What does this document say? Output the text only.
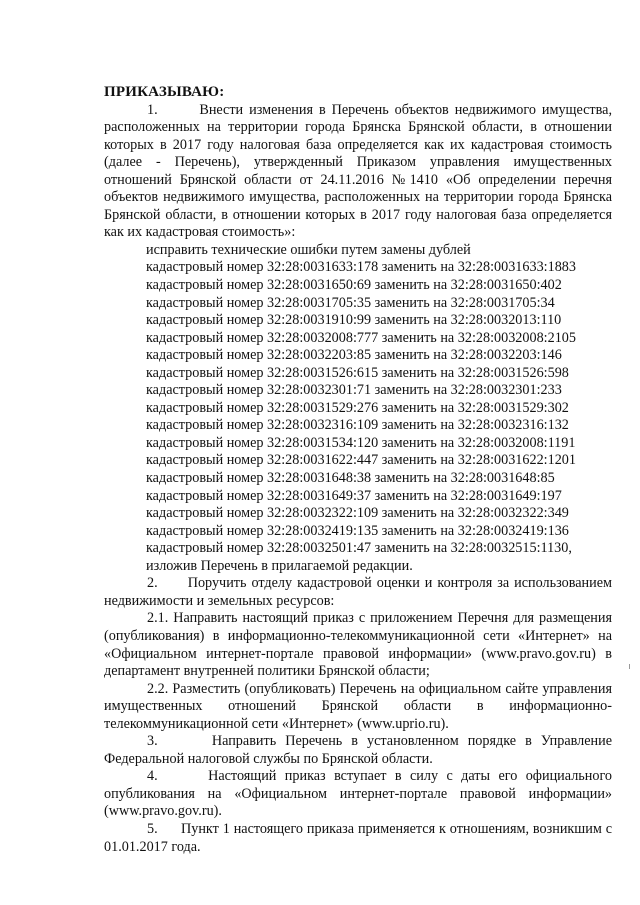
ПРИКАЗЫВАЮ:

1.       Внести изменения в Перечень объектов недвижимого имущества, расположенных на территории города Брянска Брянской области, в отношении которых в 2017 году налоговая база определяется как их кадастровая стоимость (далее - Перечень), утвержденный Приказом управления имущественных отношений Брянской области от 24.11.2016 №1410 «Об определении перечня объектов недвижимого имущества, расположенных на территории города Брянска Брянской области, в отношении которых в 2017 году налоговая база определяется как их кадастровая стоимость»:

исправить технические ошибки путем замены дублей
кадастровый номер 32:28:0031633:178 заменить на 32:28:0031633:1883
кадастровый номер 32:28:0031650:69 заменить на 32:28:0031650:402
кадастровый номер 32:28:0031705:35 заменить на 32:28:0031705:34
кадастровый номер 32:28:0031910:99 заменить на 32:28:0032013:110
кадастровый номер 32:28:0032008:777 заменить на 32:28:0032008:2105
кадастровый номер 32:28:0032203:85 заменить на 32:28:0032203:146
кадастровый номер 32:28:0031526:615 заменить на 32:28:0031526:598
кадастровый номер 32:28:0032301:71 заменить на 32:28:0032301:233
кадастровый номер 32:28:0031529:276 заменить на 32:28:0031529:302
кадастровый номер 32:28:0032316:109 заменить на 32:28:0032316:132
кадастровый номер 32:28:0031534:120 заменить на 32:28:0032008:1191
кадастровый номер 32:28:0031622:447 заменить на 32:28:0031622:1201
кадастровый номер 32:28:0031648:38 заменить на 32:28:0031648:85
кадастровый номер 32:28:0031649:37 заменить на 32:28:0031649:197
кадастровый номер 32:28:0032322:109 заменить на 32:28:0032322:349
кадастровый номер 32:28:0032419:135 заменить на 32:28:0032419:136
кадастровый номер 32:28:0032501:47 заменить на 32:28:0032515:1130,
изложив Перечень в прилагаемой редакции.

2.      Поручить отделу кадастровой оценки и контроля за использованием недвижимости и земельных ресурсов:

2.1. Направить настоящий приказ с приложением Перечня для размещения (опубликования) в информационно-телекоммуникационной сети «Интернет» на «Официальном интернет-портале правовой информации» (www.pravo.gov.ru) в департамент внутренней политики Брянской области;

2.2. Разместить (опубликовать) Перечень на официальном сайте управления имущественных отношений Брянской области в информационно-телекоммуникационной сети «Интернет» (www.uprio.ru).

3.      Направить Перечень в установленном порядке в Управление Федеральной налоговой службы по Брянской области.

4.      Настоящий приказ вступает в силу с даты его официального опубликования на «Официальном интернет-портале правовой информации» (www.pravo.gov.ru).

5.      Пункт 1 настоящего приказа применяется к отношениям, возникшим с 01.01.2017 года.
